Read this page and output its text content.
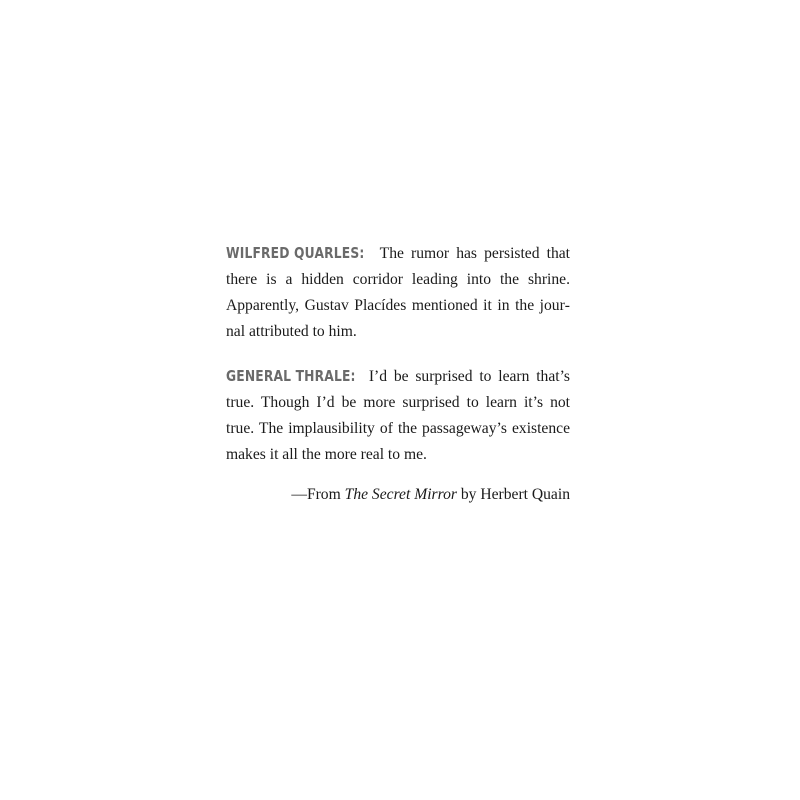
WILFRED QUARLES: The rumor has persisted that there is a hidden corridor leading into the shrine. Apparently, Gustav Placídes mentioned it in the journal attributed to him.

GENERAL THRALE: I’d be surprised to learn that’s true. Though I’d be more surprised to learn it’s not true. The implausibility of the passageway’s existence makes it all the more real to me.

—From The Secret Mirror by Herbert Quain
